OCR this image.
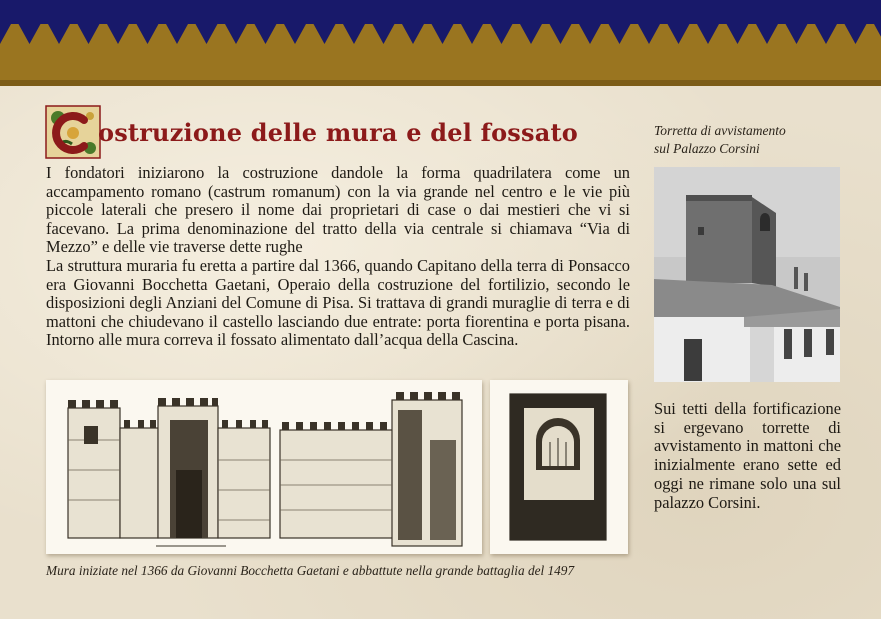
ostruzione delle mura e del fossato

I fondatori iniziarono la costruzione dandole la forma quadrilatera come un accampamento romano (castrum romanum) con la via grande nel centro e le vie più piccole laterali che presero il nome dai proprietari di case o dai mestieri che vi si facevano. La prima denominazione del tratto della via centrale si chiamava “Via di Mezzo” e delle vie traverse dette rughe

La struttura muraria fu eretta a partire dal 1366, quando Capitano della terra di Ponsacco era Giovanni Bocchetta Gaetani, Operaio della costruzione del fortilizio, secondo le disposizioni degli Anziani del Comune di Pisa. Si trattava di grandi muraglie di terra e di mattoni che chiudevano il castello lasciando due entrate: porta fiorentina e porta pisana. Intorno alle mura correva il fossato alimentato dall’acqua della Cascina.

Torretta di avvistamento
sul Palazzo Corsini

Sui tetti della fortificazione si ergevano torrette di avvistamento in mattoni che inizialmente erano sette ed oggi ne rimane solo una sul palazzo Corsini.

Mura iniziate nel 1366 da Giovanni Bocchetta Gaetani e abbattute nella grande battaglia del 1497
